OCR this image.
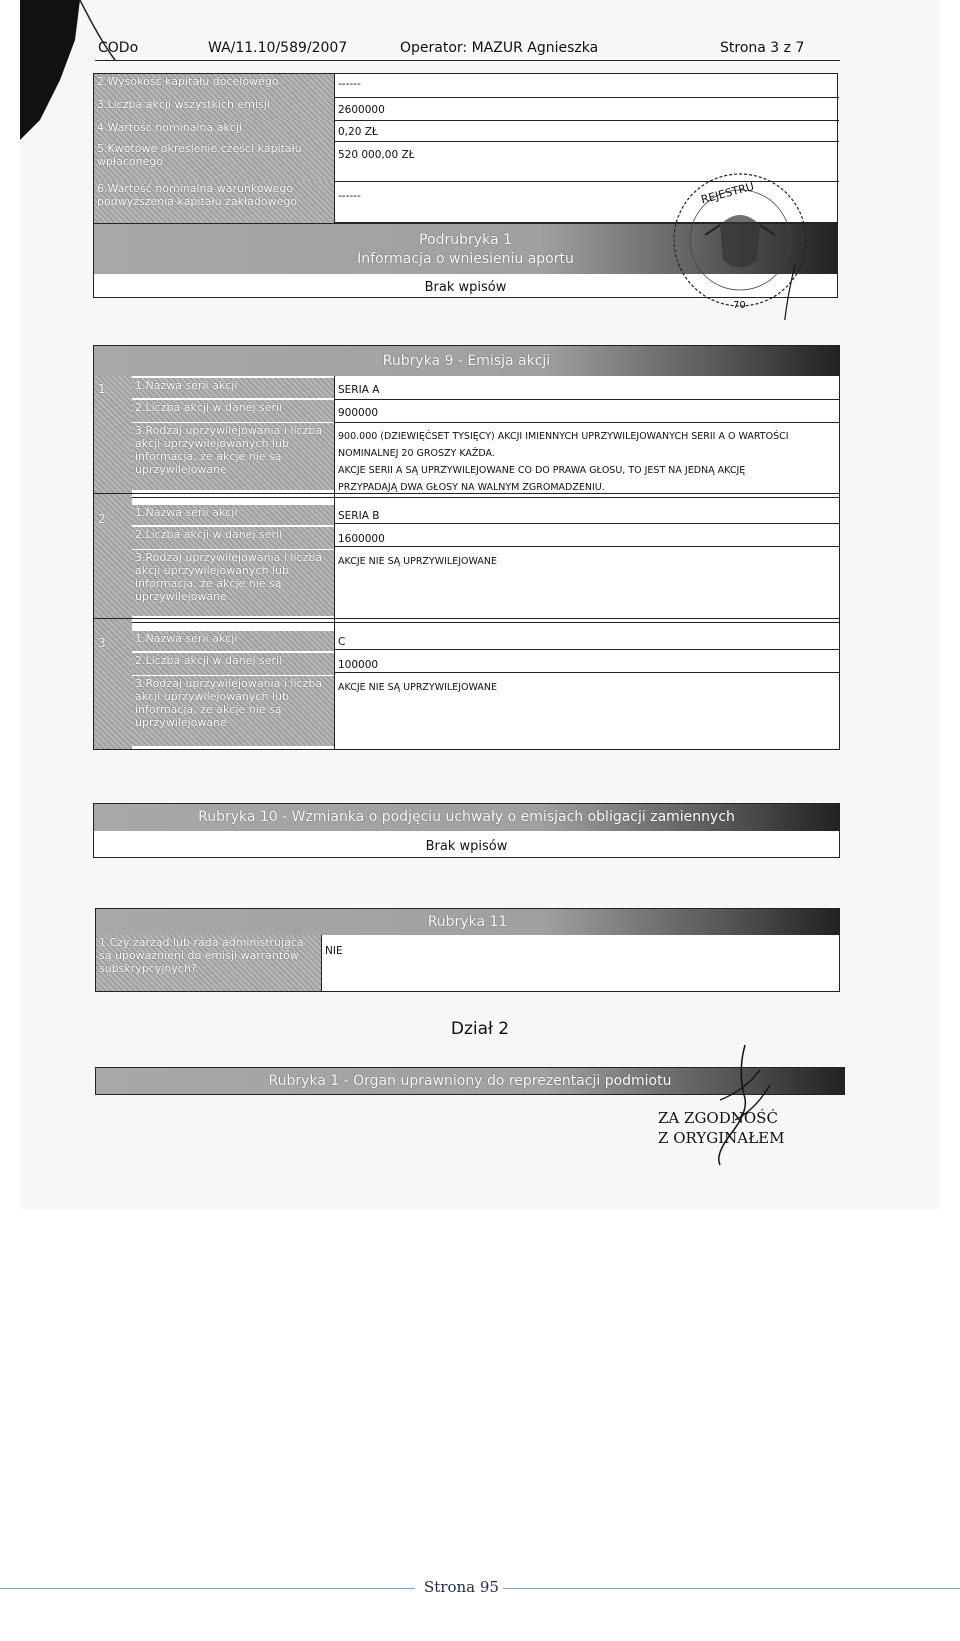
CODo	WA/11.10/589/2007	Operator: MAZUR Agnieszka	Strona 3 z 7
2.Wysokość kapitału docelowego	------
3.Liczba akcji wszystkich emisji	2600000
4.Wartość nominalna akcji	0,20 ZŁ
5.Kwotowe określenie części kapitału wpłaconego	520 000,00 ZŁ
6.Wartość nominalna warunkowego podwyższenia kapitału zakładowego	------
Podrubryka 1
Informacja o wniesieniu aportu
Brak wpisów
REJESTRU
70
Rubryka 9 - Emisja akcji
1	1.Nazwa serii akcji	SERIA A
2.Liczba akcji w danej serii	900000
3.Rodzaj uprzywilejowania i liczba akcji uprzywilejowanych lub informacja, że akcje nie są uprzywilejowane
900.000 (DZIEWIĘĆSET TYSIĘCY) AKCJI IMIENNYCH UPRZYWILEJOWANYCH SERII A O WARTOŚCI
NOMINALNEJ 20 GROSZY KAŻDA.
AKCJE SERII A SĄ UPRZYWILEJOWANE CO DO PRAWA GŁOSU, TO JEST NA JEDNĄ AKCJĘ
PRZYPADAJĄ DWA GŁOSY NA WALNYM ZGROMADZENIU.
2	1.Nazwa serii akcji	SERIA B
2.Liczba akcji w danej serii	1600000
3.Rodzaj uprzywilejowania i liczba akcji uprzywilejowanych lub informacja, że akcje nie są uprzywilejowane
AKCJE NIE SĄ UPRZYWILEJOWANE
3	1.Nazwa serii akcji	C
2.Liczba akcji w danej serii	100000
3.Rodzaj uprzywilejowania i liczba akcji uprzywilejowanych lub informacja, że akcje nie są uprzywilejowane
AKCJE NIE SĄ UPRZYWILEJOWANE
Rubryka 10 - Wzmianka o podjęciu uchwały o emisjach obligacji zamiennych
Brak wpisów
Rubryka 11
1.Czy zarząd lub rada administrująca są upoważnieni do emisji warrantów subskrypcyjnych?
NIE
Dział 2
Rubryka 1 - Organ uprawniony do reprezentacji podmiotu
ZA ZGODNOŚĆ
Z ORYGINAŁEM
Strona 95
